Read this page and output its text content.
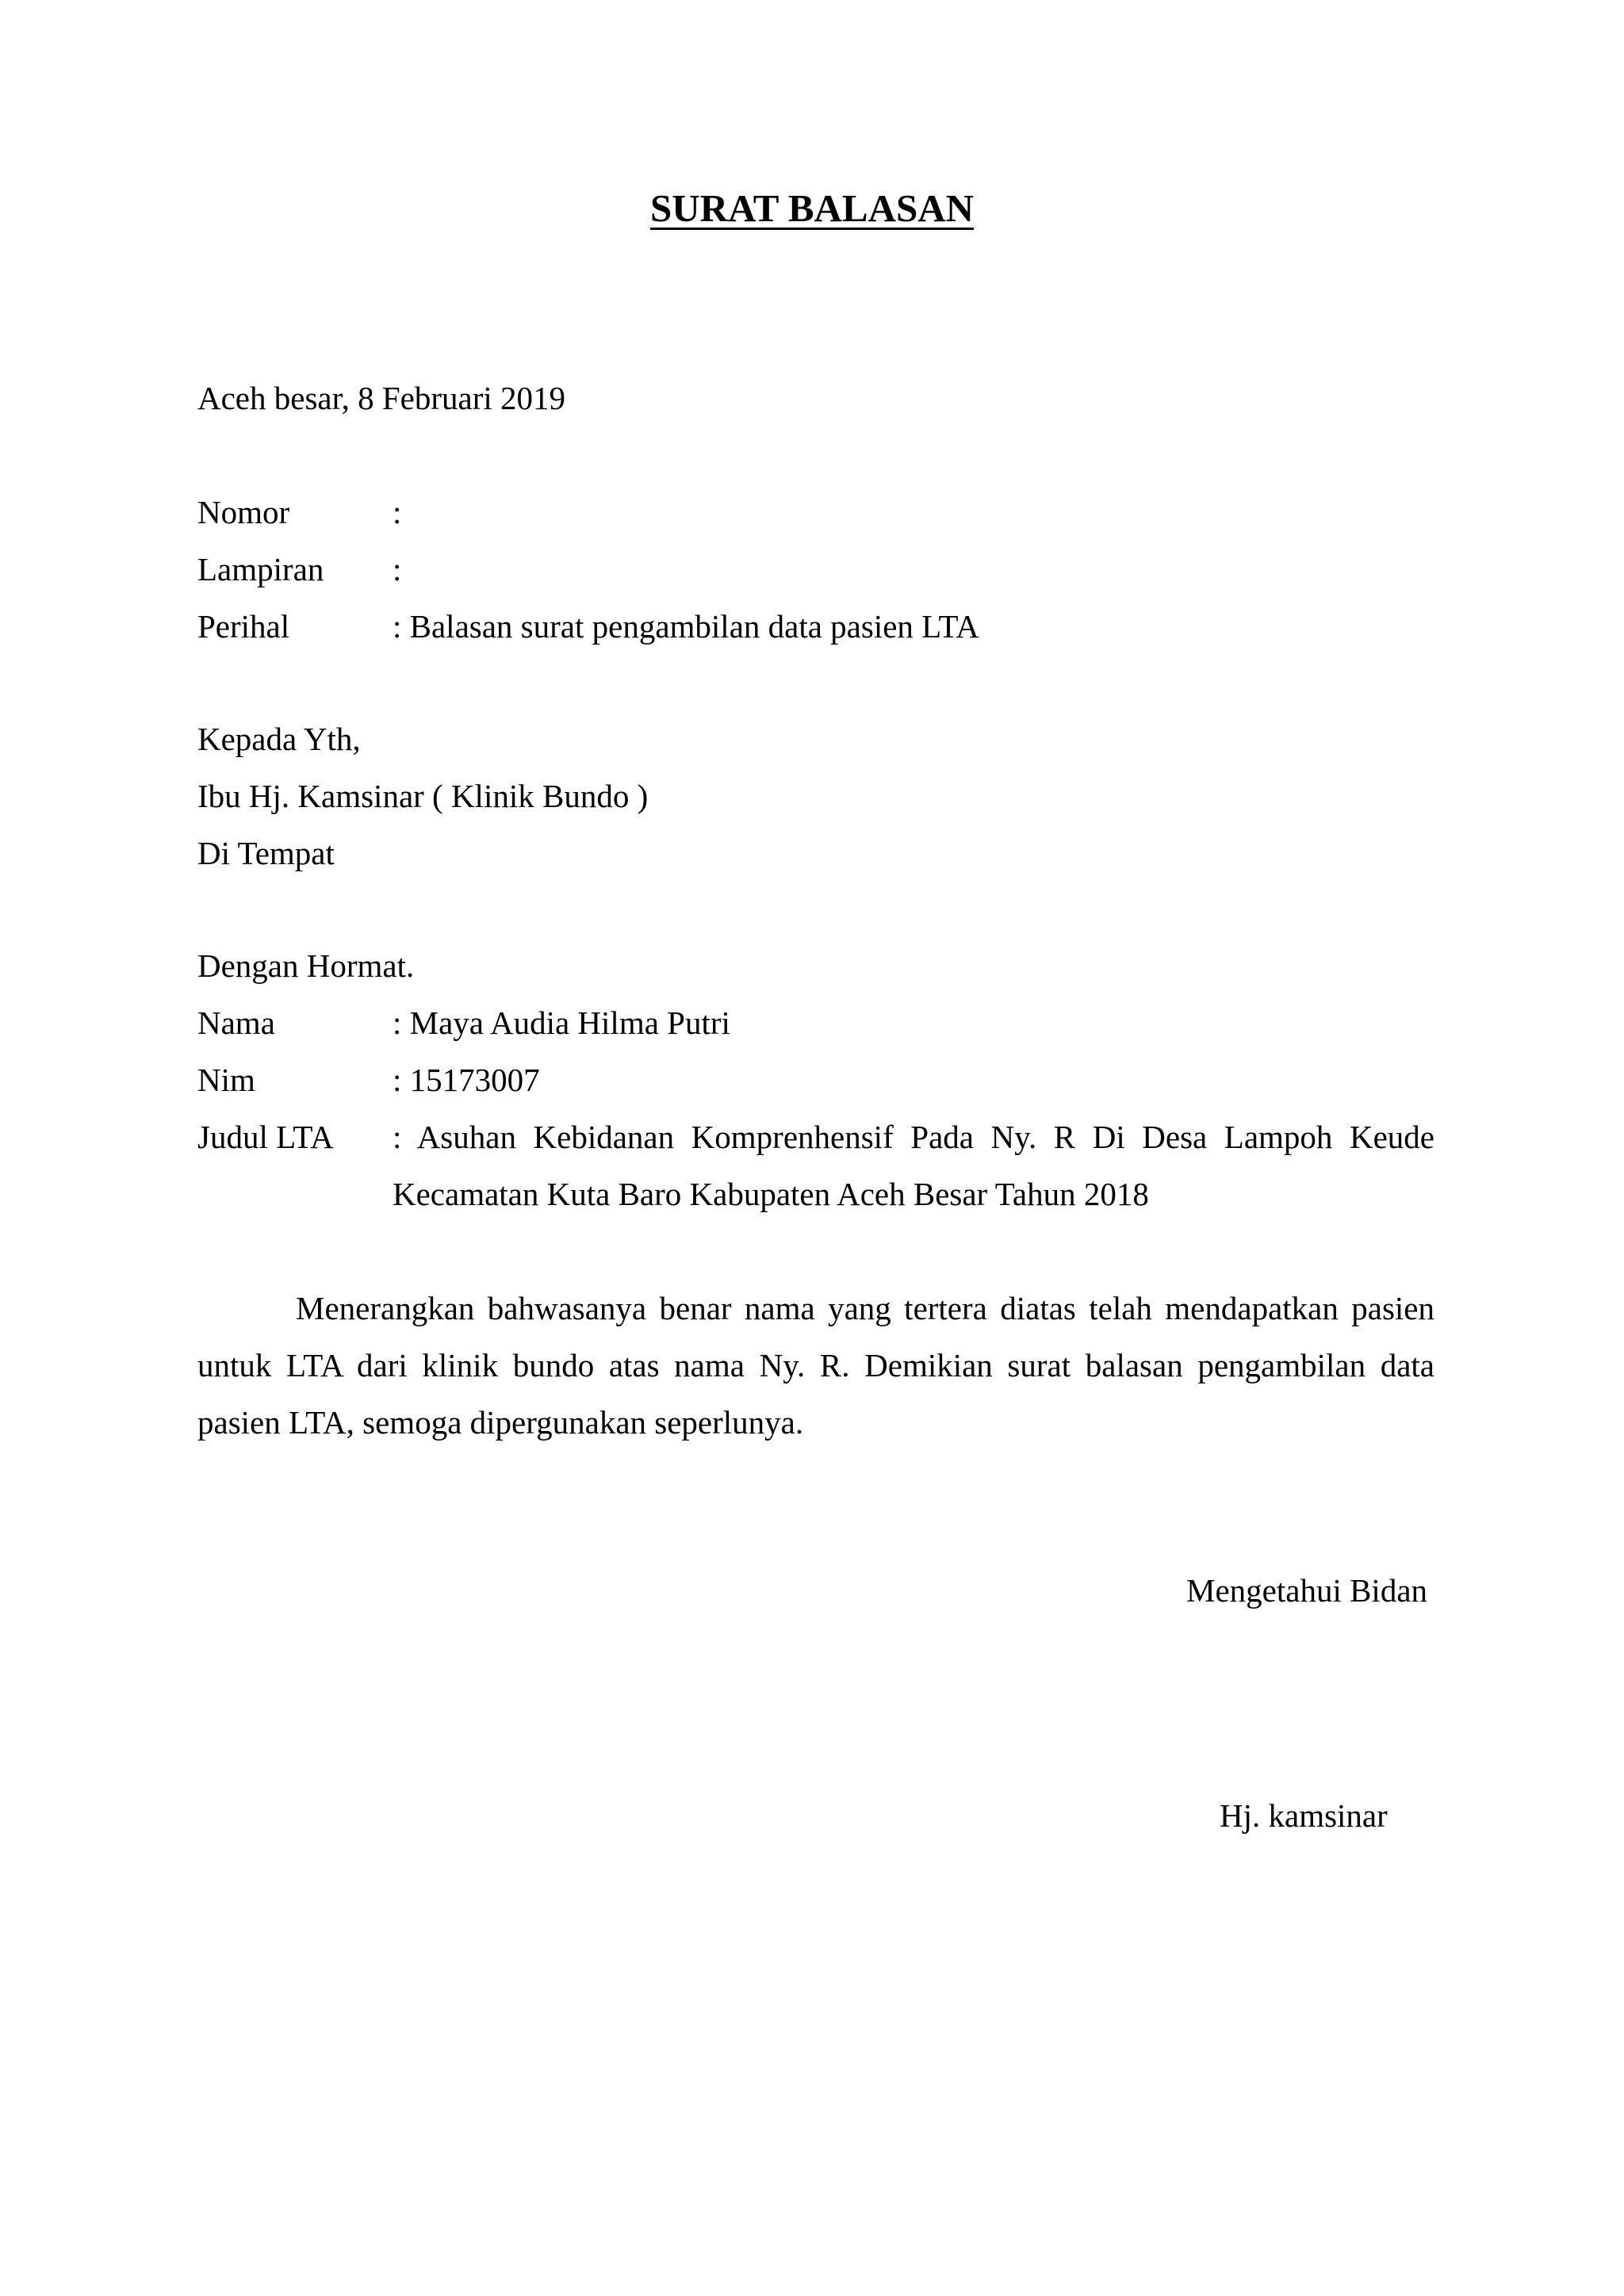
SURAT BALASAN
Aceh besar, 8 Februari 2019
Nomor	:
Lampiran :
Perihal	: Balasan surat pengambilan data pasien LTA
Kepada Yth,
Ibu Hj. Kamsinar ( Klinik Bundo )
Di Tempat
Dengan Hormat.
Nama	: Maya Audia Hilma Putri
Nim	: 15173007
Judul LTA : Asuhan Kebidanan Komprenhensif Pada Ny. R Di Desa Lampoh Keude
Kecamatan Kuta Baro Kabupaten Aceh Besar Tahun 2018
Menerangkan bahwasanya benar nama yang tertera diatas telah mendapatkan pasien
untuk LTA dari klinik bundo atas nama Ny. R. Demikian surat balasan pengambilan data
pasien LTA, semoga dipergunakan seperlunya.
Mengetahui Bidan
Hj. kamsinar
